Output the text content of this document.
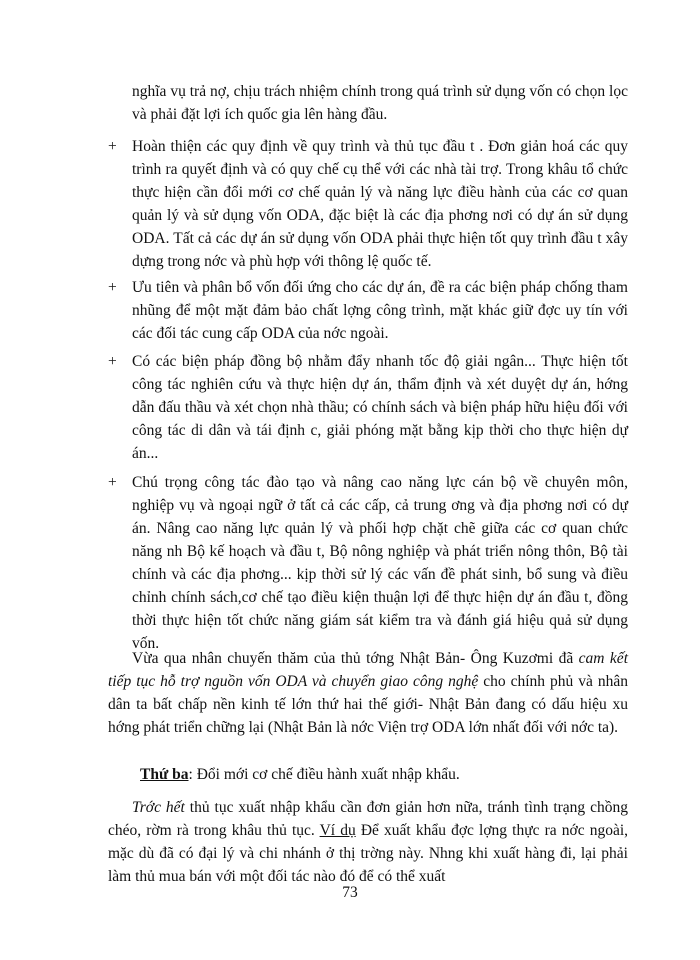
nghĩa vụ trả nợ, chịu trách nhiệm chính trong quá trình sử dụng vốn có chọn lọc và phải đặt lợi ích quốc gia lên hàng đầu.
+ Hoàn thiện các quy định về quy trình và thủ tục đầu t . Đơn giản hoá các quy trình ra quyết định và có quy chế cụ thể với các nhà tài trợ. Trong khâu tổ chức thực hiện cần đổi mới cơ chế quản lý và năng lực điều hành của các cơ quan quản lý và sử dụng vốn ODA, đặc biệt là các địa phơng nơi có dự án sử dụng ODA. Tất cả các dự án sử dụng vốn ODA phải thực hiện tốt quy trình đầu t xây dựng trong nớc và phù hợp với thông lệ quốc tế.
+ Ưu tiên và phân bổ vốn đối ứng cho các dự án, đề ra các biện pháp chống tham nhũng để một mặt đảm bảo chất lợng công trình, mặt khác giữ đợc uy tín với các đối tác cung cấp ODA của nớc ngoài.
+ Có các biện pháp đồng bộ nhằm đẩy nhanh tốc độ giải ngân... Thực hiện tốt công tác nghiên cứu và thực hiện dự án, thẩm định và xét duyệt dự án, hớng dẫn đấu thầu và xét chọn nhà thầu; có chính sách và biện pháp hữu hiệu đối với công tác di dân và tái định c, giải phóng mặt bằng kịp thời cho thực hiện dự án...
+ Chú trọng công tác đào tạo và nâng cao năng lực cán bộ về chuyên môn, nghiệp vụ và ngoại ngữ ở tất cả các cấp, cả trung ơng và địa phơng nơi có dự án. Nâng cao năng lực quản lý và phối hợp chặt chẽ giữa các cơ quan chức năng nh Bộ kế hoạch và đầu t, Bộ nông nghiệp và phát triển nông thôn, Bộ tài chính và các địa phơng... kịp thời sử lý các vấn đề phát sinh, bổ sung và điều chỉnh chính sách,cơ chế tạo điều kiện thuận lợi để thực hiện dự án đầu t, đồng thời thực hiện tốt chức năng giám sát kiểm tra và đánh giá hiệu quả sử dụng vốn.
Vừa qua nhân chuyến thăm của thủ tớng Nhật Bản- Ông Kuzơmi đã cam kết tiếp tục hỗ trợ nguồn vốn ODA và chuyển giao công nghệ cho chính phủ và nhân dân ta bất chấp nền kinh tế lớn thứ hai thế giới- Nhật Bản đang có dấu hiệu xu hớng phát triển chững lại (Nhật Bản là nớc Viện trợ ODA lớn nhất đối với nớc ta).
Thứ ba: Đổi mới cơ chế điều hành xuất nhập khẩu.
Trớc hết thủ tục xuất nhập khẩu cần đơn giản hơn nữa, tránh tình trạng chồng chéo, rờm rà trong khâu thủ tục. Ví dụ Để xuất khẩu đợc lợng thực ra nớc ngoài, mặc dù đã có đại lý và chi nhánh ở thị trờng này. Nhng khi xuất hàng đi, lại phải làm thủ mua bán với một đối tác nào đó để có thể xuất
73
